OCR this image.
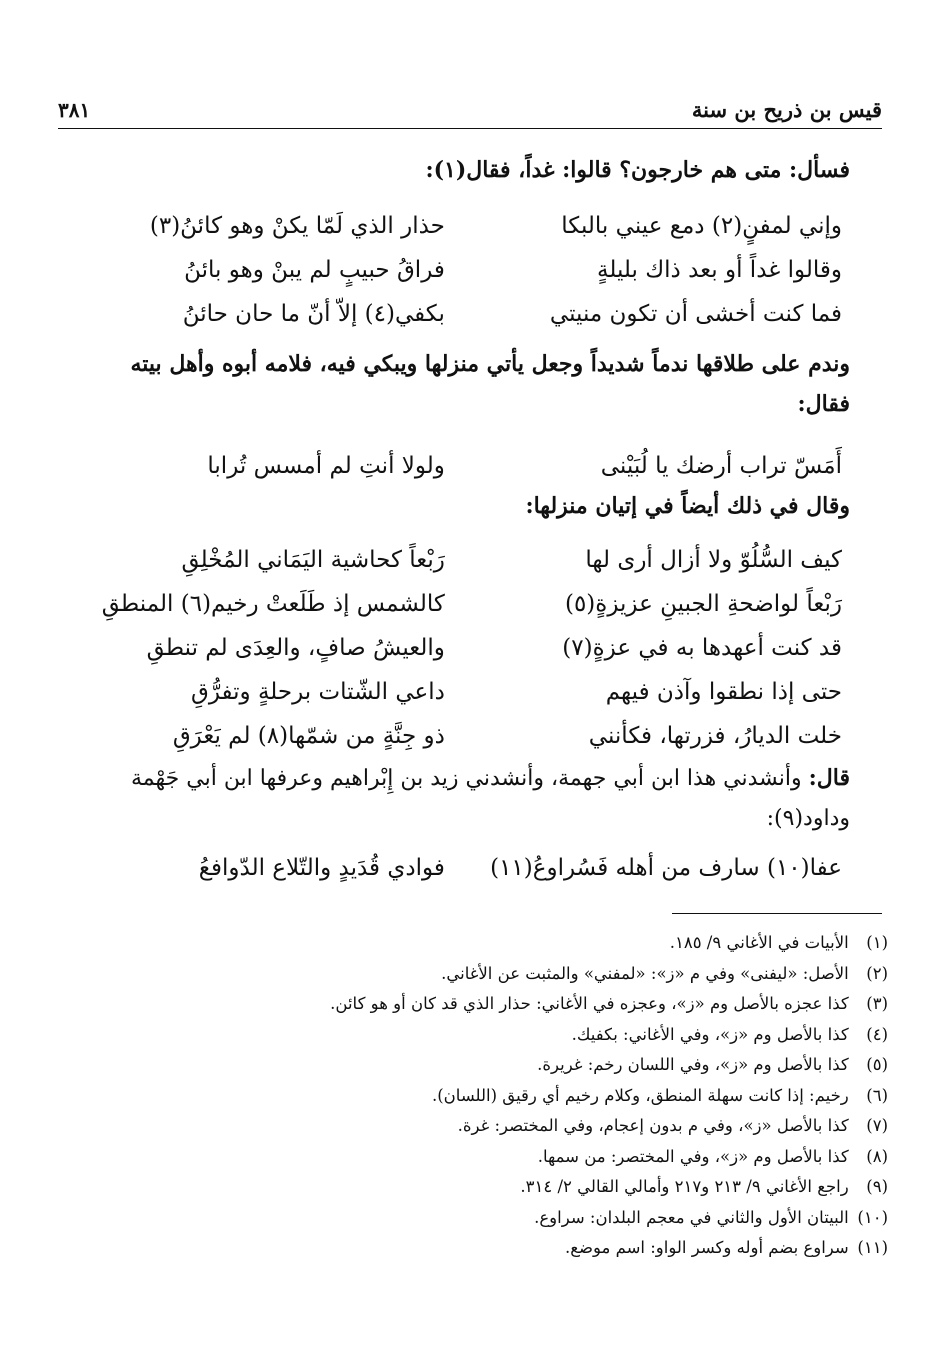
قيس بن ذريح بن سنة
٣٨١
فسأل: متى هم خارجون؟ قالوا: غداً، فقال(١):
وإني لمفنٍ(٢) دمع عيني بالبكا
حذار الذي لَمّا يكنْ وهو كائنُ(٣)
وقالوا غداً أو بعد ذاك بليلةٍ
فراقُ حبيبٍ لم يبنْ وهو بائنُ
فما كنت أخشى أن تكون منيتي
بكفي(٤) إلاّ أنّ ما حان حائنُ
وندم على طلاقها ندماً شديداً وجعل يأتي منزلها ويبكي فيه، فلامه أبوه وأهل بيته فقال:
أَمَسّ تراب أرضك يا لُبَيْنى
ولولا أنتِ لم أمسس تُرابا
وقال في ذلك أيضاً في إتيان منزلها:
كيف السُّلُوّ ولا أزال أرى لها
رَبْعاً كحاشية اليَمَاني المُخْلِقِ
رَبْعاً لواضحةِ الجبينِ عزيزةٍ(٥)
كالشمس إذ طَلَعتْ رخيم(٦) المنطقِ
قد كنت أعهدها به في عزةٍ(٧)
والعيشُ صافٍ، والعِدَى لم تنطقِ
حتى إذا نطقوا وآذن فيهم
داعي الشّتات برحلةٍ وتفرُّقِ
خلت الديارُ، فزرتها، فكأنني
ذو جِنَّةٍ من شمّها(٨) لم يَعْرَقِ
قال: وأنشدني هذا ابن أبي جهمة، وأنشدني زيد بن إِبْراهيم وعرفها ابن أبي جَهْمة وداود(٩):
عفا(١٠) سارف من أهله فَسُراوعُ(١١)
فوادي قُدَيدٍ والتّلاع الدّوافعُ
(١) الأبيات في الأغاني ٩/ ١٨٥.
(٢) الأصل: «ليفنى» وفي م «ز»: «لمفني» والمثبت عن الأغاني.
(٣) كذا عجزه بالأصل وم «ز»، وعجزه في الأغاني: حذار الذي قد كان أو هو كائن.
(٤) كذا بالأصل وم «ز»، وفي الأغاني: بكفيك.
(٥) كذا بالأصل وم «ز»، وفي اللسان رخم: غريرة.
(٦) رخيم: إذا كانت سهلة المنطق، وكلام رخيم أي رقيق (اللسان).
(٧) كذا بالأصل «ز»، وفي م بدون إعجام، وفي المختصر: غرة.
(٨) كذا بالأصل وم «ز»، وفي المختصر: من سمها.
(٩) راجع الأغاني ٩/ ٢١٣ و٢١٧ وأمالي القالي ٢/ ٣١٤.
(١٠) البيتان الأول والثاني في معجم البلدان: سراوع.
(١١) سراوع بضم أوله وكسر الواو: اسم موضع.
